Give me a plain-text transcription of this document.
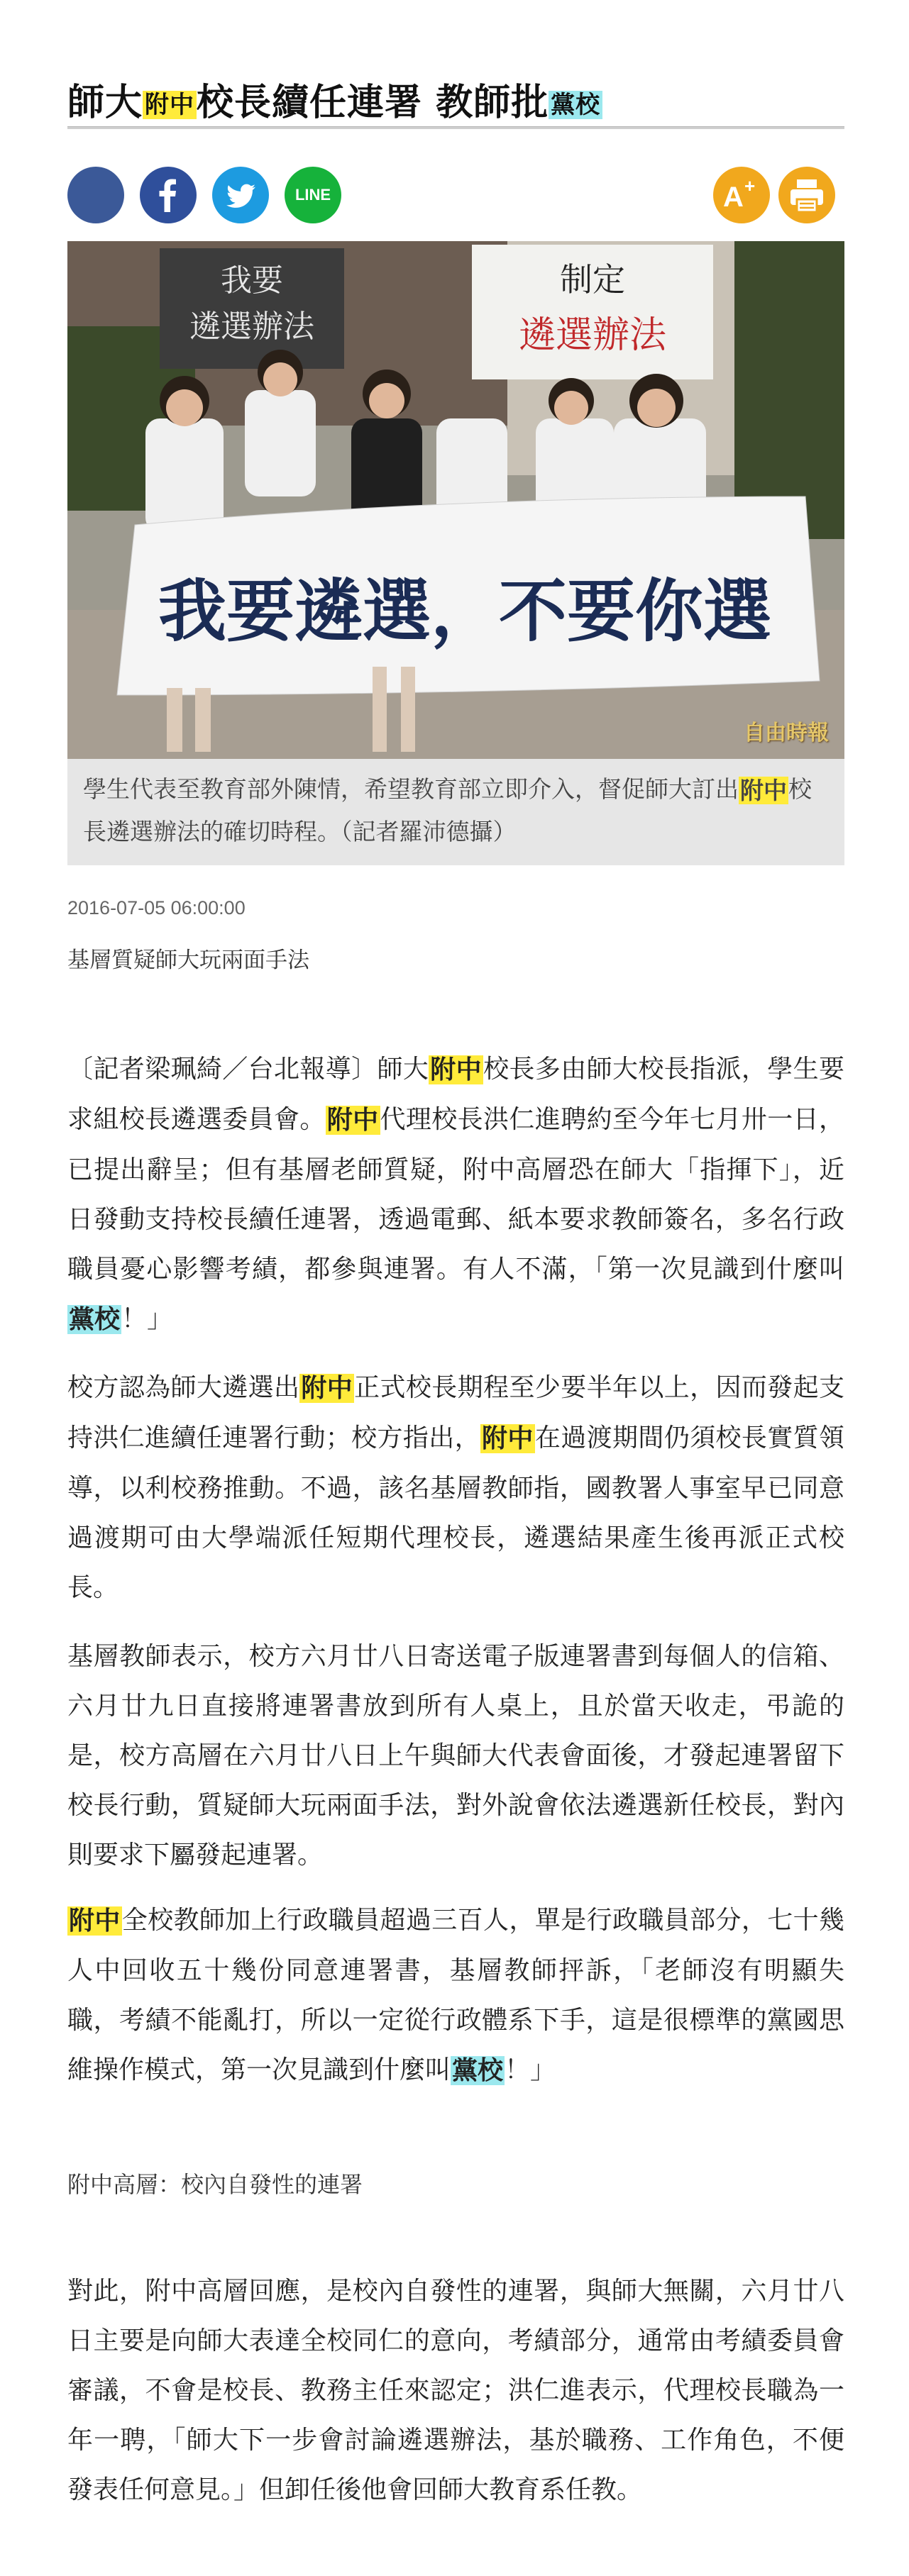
師大附中校長續任連署 教師批黨校
LINE	A +
我要
遴選辦法
制定
遴選辦法
我要遴選，不要你選
自由時報
學生代表至教育部外陳情，希望教育部立即介入，督促師大訂出附中校長遴選辦法的確切時程。（記者羅沛德攝）
2016-07-05 06:00:00
基層質疑師大玩兩面手法

〔記者梁珮綺／台北報導〕師大附中校長多由師大校長指派，學生要求組校長遴選委員會。附中代理校長洪仁進聘約至今年七月卅一日，已提出辭呈；但有基層老師質疑，附中高層恐在師大「指揮下」，近日發動支持校長續任連署，透過電郵、紙本要求教師簽名，多名行政職員憂心影響考績，都參與連署。有人不滿，「第一次見識到什麼叫黨校！」

校方認為師大遴選出附中正式校長期程至少要半年以上，因而發起支持洪仁進續任連署行動；校方指出，附中在過渡期間仍須校長實質領導，以利校務推動。不過，該名基層教師指，國教署人事室早已同意過渡期可由大學端派任短期代理校長，遴選結果產生後再派正式校長。

基層教師表示，校方六月廿八日寄送電子版連署書到每個人的信箱、六月廿九日直接將連署書放到所有人桌上，且於當天收走，弔詭的是，校方高層在六月廿八日上午與師大代表會面後，才發起連署留下校長行動，質疑師大玩兩面手法，對外說會依法遴選新任校長，對內則要求下屬發起連署。

附中全校教師加上行政職員超過三百人，單是行政職員部分，七十幾人中回收五十幾份同意連署書，基層教師抨訴，「老師沒有明顯失職，考績不能亂打，所以一定從行政體系下手，這是很標準的黨國思維操作模式，第一次見識到什麼叫黨校！」

附中高層：校內自發性的連署

對此，附中高層回應，是校內自發性的連署，與師大無關，六月廿八日主要是向師大表達全校同仁的意向，考績部分，通常由考績委員會審議，不會是校長、教務主任來認定；洪仁進表示，代理校長職為一年一聘，「師大下一步會討論遴選辦法，基於職務、工作角色，不便發表任何意見。」但卸任後他會回師大教育系任教。
